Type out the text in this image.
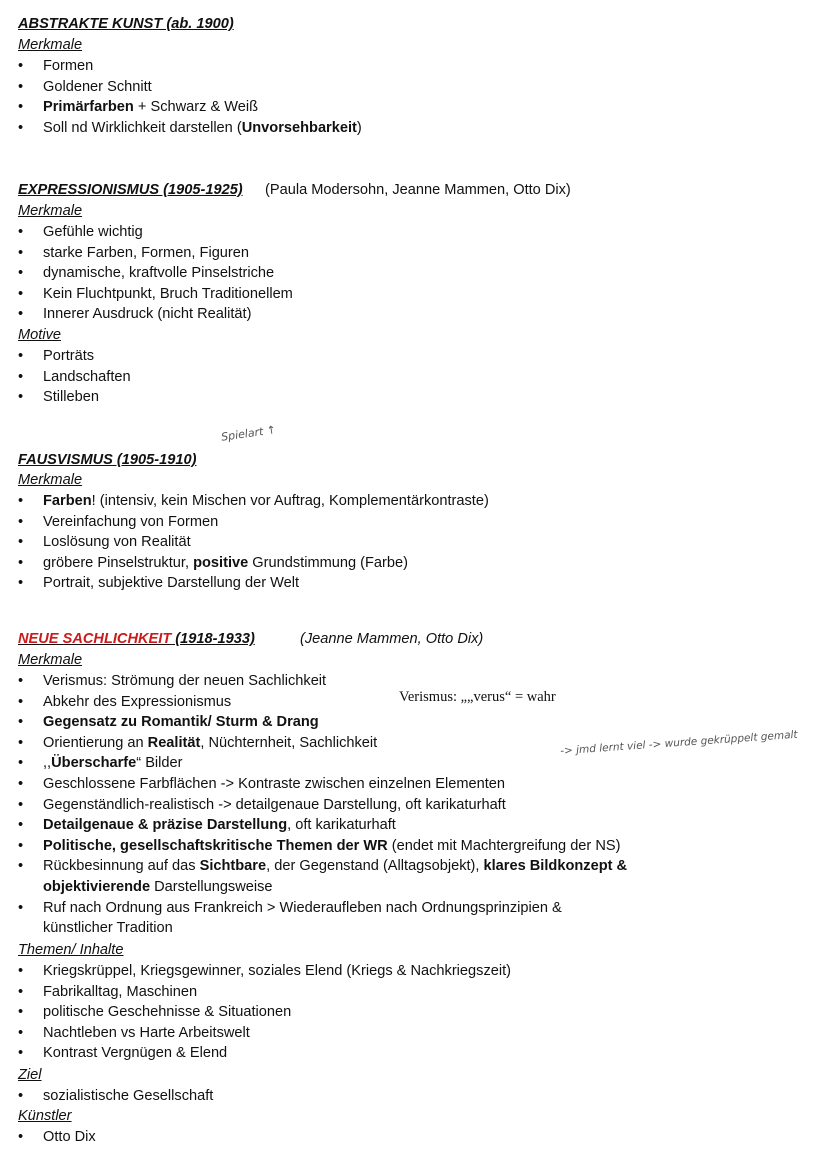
ABSTRAKTE KUNST (ab. 1900)
Merkmale
• Formen
• Goldener Schnitt
• Primärfarben + Schwarz & Weiß
• Soll nd Wirklichkeit darstellen (Unvorsehbarkeit)
EXPRESSIONISMUS (1905-1925) (Paula Modersohn, Jeanne Mammen, Otto Dix)
Merkmale
• Gefühle wichtig
• starke Farben, Formen, Figuren
• dynamische, kraftvolle Pinselstriche
• Kein Fluchtpunkt, Bruch Traditionellem
• Innerer Ausdruck (nicht Realität)
Motive
• Porträts
• Landschaften
• Stilleben
Spielart ↑
FAUSVISMUS (1905-1910)
Merkmale
• Farben! (intensiv, kein Mischen vor Auftrag, Komplementärkontraste)
• Vereinfachung von Formen
• Loslösung von Realität
• gröbere Pinselstruktur, positive Grundstimmung (Farbe)
• Portrait, subjektive Darstellung der Welt
NEUE SACHLICHKEIT (1918-1933)	(Jeanne Mammen, Otto Dix)
Merkmale
Verismus: „„verus“ = wahr
-> jmd lernt viel -> wurde gekrüppelt gemalt
• Verismus: Strömung der neuen Sachlichkeit
• Abkehr des Expressionismus
• Gegensatz zu Romantik/ Sturm & Drang
• Orientierung an Realität, Nüchternheit, Sachlichkeit
• ,,Überscharfe“ Bilder
• Geschlossene Farbflächen -> Kontraste zwischen einzelnen Elementen
• Gegenständlich-realistisch -> detailgenaue Darstellung, oft karikaturhaft
• Detailgenaue & präzise Darstellung, oft karikaturhaft
• Politische, gesellschaftskritische Themen der WR (endet mit Machtergreifung der NS)
• Rückbesinnung auf das Sichtbare, der Gegenstand (Alltagsobjekt), klares Bildkonzept &
objektivierende Darstellungsweise
• Ruf nach Ordnung aus Frankreich > Wiederaufleben nach Ordnungsprinzipien &
künstlicher Tradition
Themen/ Inhalte
• Kriegskrüppel, Kriegsgewinner, soziales Elend (Kriegs & Nachkriegszeit)
• Fabrikalltag, Maschinen
• politische Geschehnisse & Situationen
• Nachtleben vs Harte Arbeitswelt
• Kontrast Vergnügen & Elend
Ziel
• sozialistische Gesellschaft
Künstler
• Otto Dix
